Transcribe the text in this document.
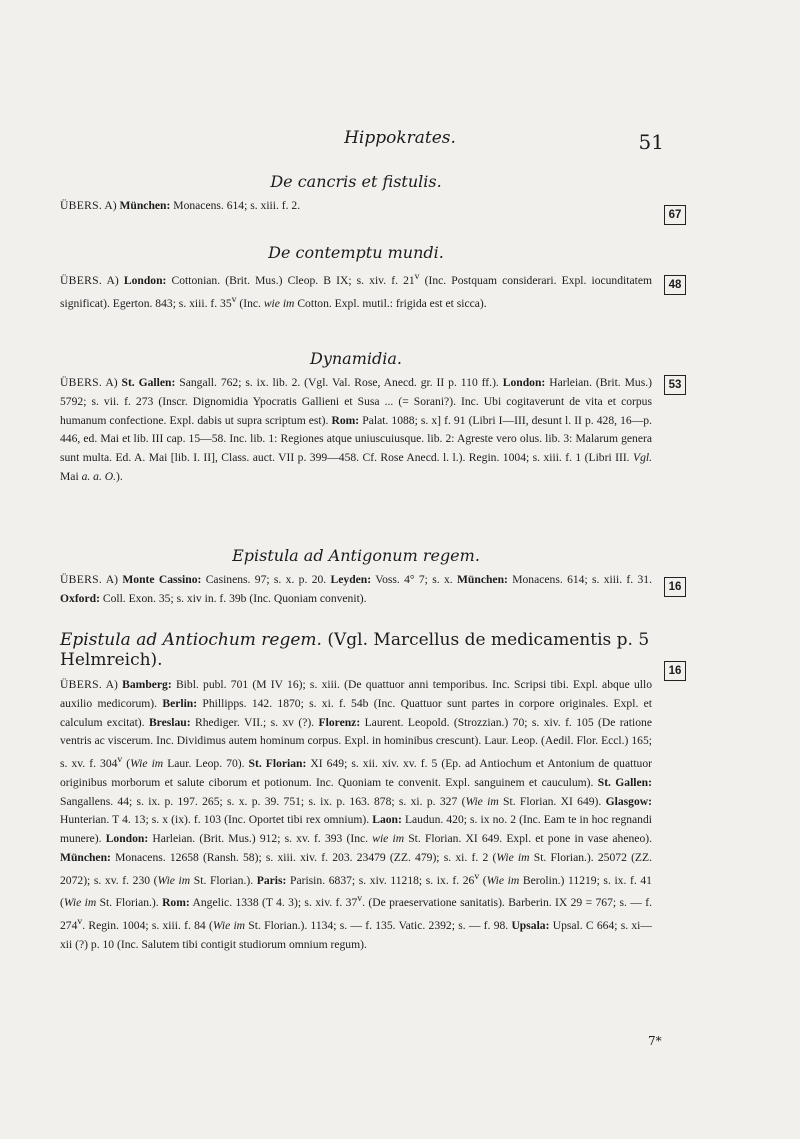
Hippokrates.	51
De cancris et fistulis.

ÜBERS. A) München: Monacens. 614; s. xiii. f. 2.

67
De contemptu mundi.

ÜBERS. A) London: Cottonian. (Brit. Mus.) Cleop. B IX; s. xiv. f. 21$^v$ (Inc. Postquam considerari. Expl. iocunditatem significat). Egerton. 843; s. xiii. f. 35$^v$ (Inc. wie im Cotton. Expl. mutil.: frigida est et sicca).

48
Dynamidia.

ÜBERS. A) St. Gallen: Sangall. 762; s. ix. lib. 2. (Vgl. Val. Rose, Anecd. gr. II p. 110 ff.). London: Harleian. (Brit. Mus.) 5792; s. vii. f. 273 (Inscr. Dignomidia Ypocratis Gallieni et Susa ... (= Sorani?). Inc. Ubi cogitaverunt de vita et corpus humanum confectione. Expl. dabis ut supra scriptum est). Rom: Palat. 1088; s. x] f. 91 (Libri I—III, desunt l. II p. 428, 16—p. 446, ed. Mai et lib. III cap. 15—58. Inc. lib. 1: Regiones atque uniuscuiusque. lib. 2: Agreste vero olus. lib. 3: Malarum genera sunt multa. Ed. A. Mai [lib. I. II], Class. auct. VII p. 399—458. Cf. Rose Anecd. l. l.). Regin. 1004; s. xiii. f. 1 (Libri III. Vgl. Mai a. a. O.).

53
Epistula ad Antigonum regem.

ÜBERS. A) Monte Cassino: Casinens. 97; s. x. p. 20. Leyden: Voss. 4° 7; s. x. München: Monacens. 614; s. xiii. f. 31. Oxford: Coll. Exon. 35; s. xiv in. f. 39b (Inc. Quoniam convenit).

16
Epistula ad Antiochum regem. (Vgl. Marcellus de medicamentis p. 5 Helmreich).

ÜBERS. A) Bamberg: Bibl. publ. 701 (M IV 16); s. xiii. (De quattuor anni temporibus. Inc. Scripsi tibi. Expl. abque ullo auxilio medicorum). Berlin: Phillipps. 142. 1870; s. xi. f. 54b (Inc. Quattuor sunt partes in corpore originales. Expl. et calculum excitat). Breslau: Rhediger. VII.; s. xv (?). Florenz: Laurent. Leopold. (Strozzian.) 70; s. xiv. f. 105 (De ratione ventris ac viscerum. Inc. Dividimus autem hominum corpus. Expl. in hominibus crescunt). Laur. Leop. (Aedil. Flor. Eccl.) 165; s. xv. f. 304$^v$ (Wie im Laur. Leop. 70). St. Florian: XI 649; s. xii. xiv. xv. f. 5 (Ep. ad Antiochum et Antonium de quattuor originibus morborum et salute ciborum et potionum. Inc. Quoniam te convenit. Expl. sanguinem et cauculum). St. Gallen: Sangallens. 44; s. ix. p. 197. 265; s. x. p. 39. 751; s. ix. p. 163. 878; s. xi. p. 327 (Wie im St. Florian. XI 649). Glasgow: Hunterian. T 4. 13; s. x (ix). f. 103 (Inc. Oportet tibi rex omnium). Laon: Laudun. 420; s. ix no. 2 (Inc. Eam te in hoc regnandi munere). London: Harleian. (Brit. Mus.) 912; s. xv. f. 393 (Inc. wie im St. Florian. XI 649. Expl. et pone in vase aheneo). München: Monacens. 12658 (Ransh. 58); s. xiii. xiv. f. 203. 23479 (ZZ. 479); s. xi. f. 2 (Wie im St. Florian.). 25072 (ZZ. 2072); s. xv. f. 230 (Wie im St. Florian.). Paris: Parisin. 6837; s. xiv. 11218; s. ix. f. 26$^v$ (Wie im Berolin.) 11219; s. ix. f. 41 (Wie im St. Florian.). Rom: Angelic. 1338 (T 4. 3); s. xiv. f. 37$^v$. (De praeservatione sanitatis). Barberin. IX 29 = 767; s. — f. 274$^v$. Regin. 1004; s. xiii. f. 84 (Wie im St. Florian.). 1134; s. — f. 135. Vatic. 2392; s. — f. 98. Upsala: Upsal. C 664; s. xi—xii (?) p. 10 (Inc. Salutem tibi contigit studiorum omnium regum).

16
7*
